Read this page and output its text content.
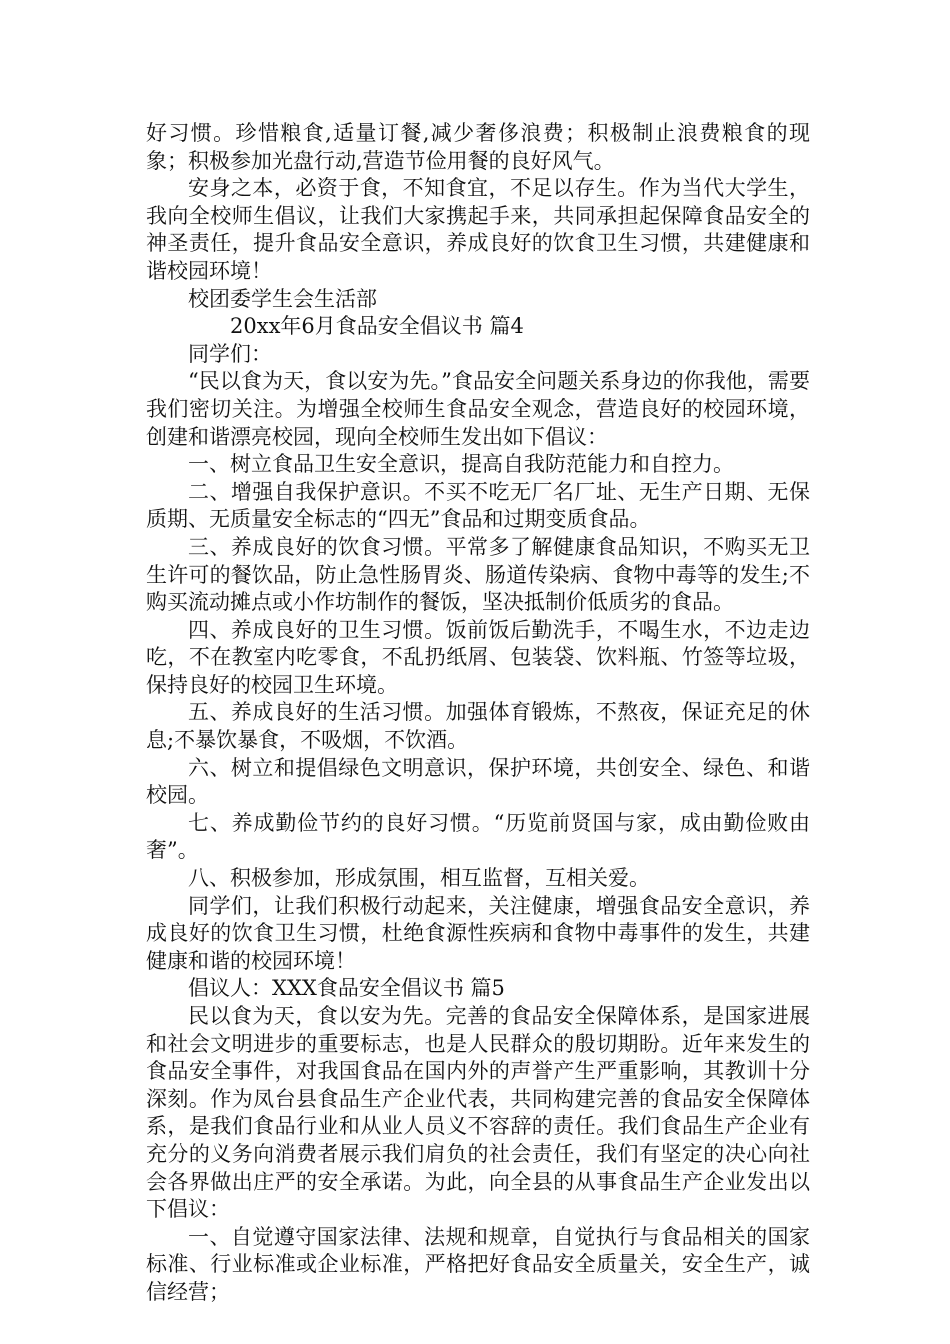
好习惯。珍惜粮食,适量订餐,减少奢侈浪费；积极制止浪费粮食的现象；积极参加光盘行动,营造节俭用餐的良好风气。

安身之本，必资于食，不知食宜，不足以存生。作为当代大学生，我向全校师生倡议，让我们大家携起手来，共同承担起保障食品安全的神圣责任，提升食品安全意识，养成良好的饮食卫生习惯，共建健康和谐校园环境！

校团委学生会生活部

20xx年6月食品安全倡议书 篇4

同学们：

“民以食为天，食以安为先。”食品安全问题关系身边的你我他，需要我们密切关注。为增强全校师生食品安全观念，营造良好的校园环境，创建和谐漂亮校园，现向全校师生发出如下倡议：

一、树立食品卫生安全意识，提高自我防范能力和自控力。

二、增强自我保护意识。不买不吃无厂名厂址、无生产日期、无保质期、无质量安全标志的“四无”食品和过期变质食品。

三、养成良好的饮食习惯。平常多了解健康食品知识，不购买无卫生许可的餐饮品，防止急性肠胃炎、肠道传染病、食物中毒等的发生;不购买流动摊点或小作坊制作的餐饭，坚决抵制价低质劣的食品。

四、养成良好的卫生习惯。饭前饭后勤洗手，不喝生水，不边走边吃，不在教室内吃零食，不乱扔纸屑、包装袋、饮料瓶、竹签等垃圾，保持良好的校园卫生环境。

五、养成良好的生活习惯。加强体育锻炼，不熬夜，保证充足的休息;不暴饮暴食，不吸烟，不饮酒。

六、树立和提倡绿色文明意识，保护环境，共创安全、绿色、和谐校园。

七、养成勤俭节约的良好习惯。“历览前贤国与家，成由勤俭败由奢”。

八、积极参加，形成氛围，相互监督，互相关爱。

同学们，让我们积极行动起来，关注健康，增强食品安全意识，养成良好的饮食卫生习惯，杜绝食源性疾病和食物中毒事件的发生，共建健康和谐的校园环境！

倡议人：XXX食品安全倡议书 篇5

民以食为天，食以安为先。完善的食品安全保障体系，是国家进展和社会文明进步的重要标志，也是人民群众的殷切期盼。近年来发生的食品安全事件，对我国食品在国内外的声誉产生严重影响，其教训十分深刻。作为凤台县食品生产企业代表，共同构建完善的食品安全保障体系，是我们食品行业和从业人员义不容辞的责任。我们食品生产企业有充分的义务向消费者展示我们肩负的社会责任，我们有坚定的决心向社会各界做出庄严的安全承诺。为此，向全县的从事食品生产企业发出以下倡议：

一、自觉遵守国家法律、法规和规章，自觉执行与食品相关的国家标准、行业标准或企业标准，严格把好食品安全质量关，安全生产，诚信经营；
